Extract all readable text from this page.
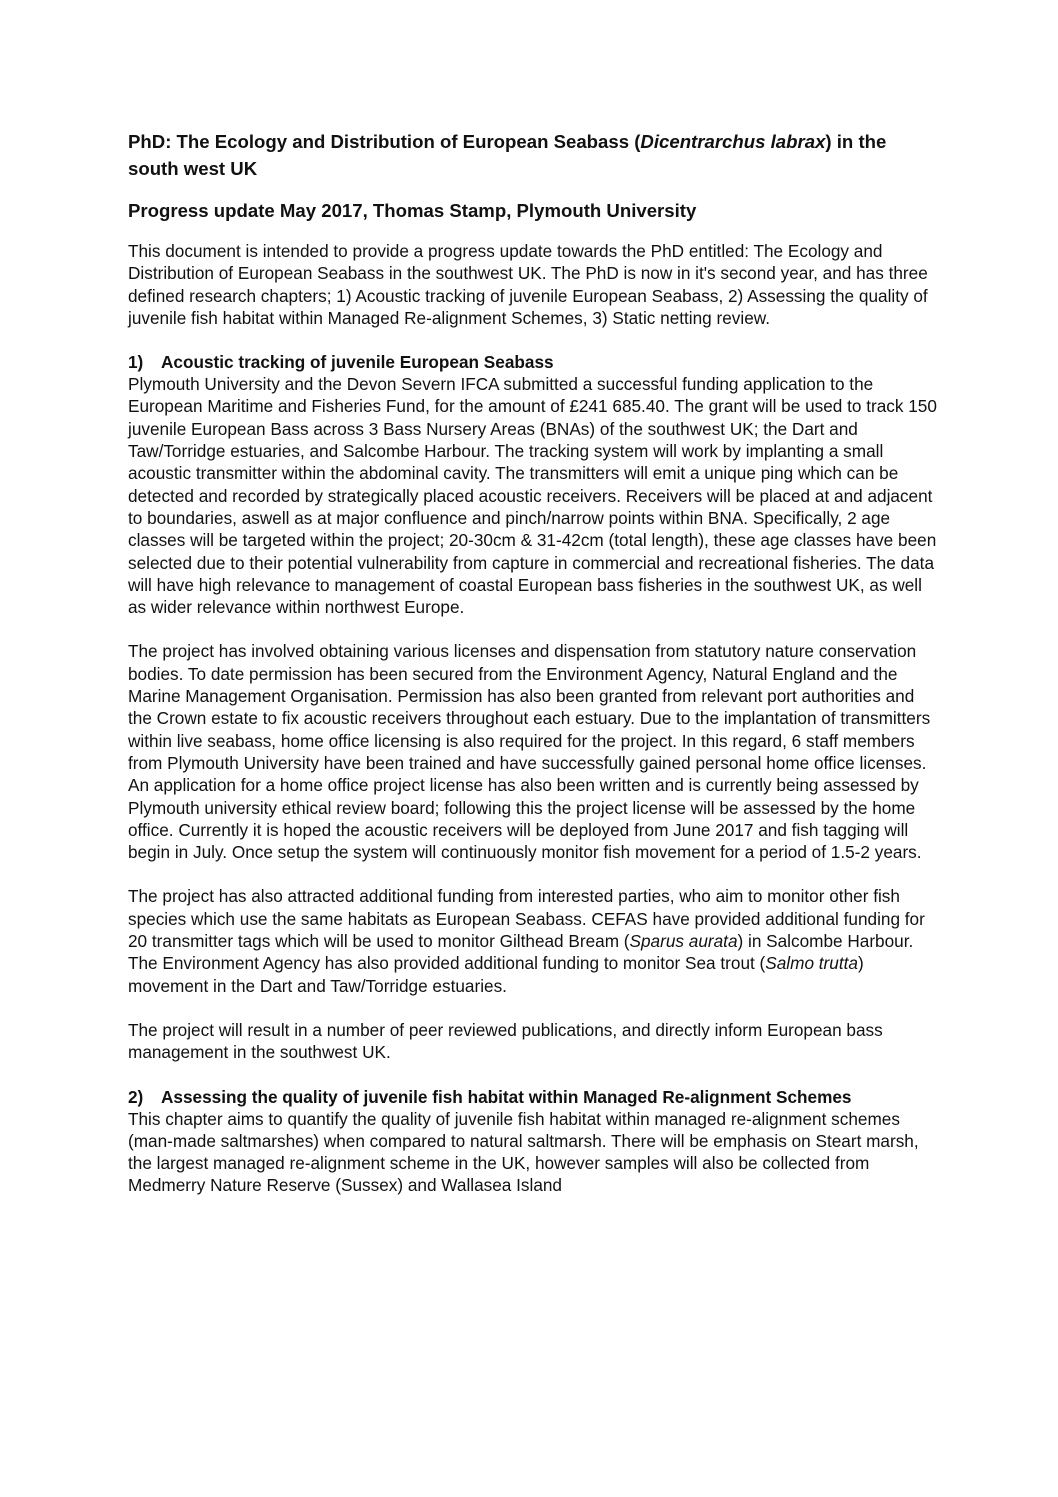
PhD: The Ecology and Distribution of European Seabass (Dicentrarchus labrax) in the south west UK
Progress update May 2017, Thomas Stamp, Plymouth University

This document is intended to provide a progress update towards the PhD entitled: The Ecology and Distribution of European Seabass in the southwest UK. The PhD is now in it's second year, and has three defined research chapters; 1) Acoustic tracking of juvenile European Seabass, 2) Assessing the quality of juvenile fish habitat within Managed Re-alignment Schemes, 3) Static netting review.

1)	Acoustic tracking of juvenile European Seabass

Plymouth University and the Devon Severn IFCA submitted a successful funding application to the European Maritime and Fisheries Fund, for the amount of £241 685.40. The grant will be used to track 150 juvenile European Bass across 3 Bass Nursery Areas (BNAs) of the southwest UK; the Dart and Taw/Torridge estuaries, and Salcombe Harbour. The tracking system will work by implanting a small acoustic transmitter within the abdominal cavity. The transmitters will emit a unique ping which can be detected and recorded by strategically placed acoustic receivers. Receivers will be placed at and adjacent to boundaries, aswell as at major confluence and pinch/narrow points within BNA. Specifically, 2 age classes will be targeted within the project; 20-30cm & 31-42cm (total length), these age classes have been selected due to their potential vulnerability from capture in commercial and recreational fisheries. The data will have high relevance to management of coastal European bass fisheries in the southwest UK, as well as wider relevance within northwest Europe.

The project has involved obtaining various licenses and dispensation from statutory nature conservation bodies. To date permission has been secured from the Environment Agency, Natural England and the Marine Management Organisation. Permission has also been granted from relevant port authorities and the Crown estate to fix acoustic receivers throughout each estuary. Due to the implantation of transmitters within live seabass, home office licensing is also required for the project. In this regard, 6 staff members from Plymouth University have been trained and have successfully gained personal home office licenses. An application for a home office project license has also been written and is currently being assessed by Plymouth university ethical review board; following this the project license will be assessed by the home office. Currently it is hoped the acoustic receivers will be deployed from June 2017 and fish tagging will begin in July. Once setup the system will continuously monitor fish movement for a period of 1.5-2 years.

The project has also attracted additional funding from interested parties, who aim to monitor other fish species which use the same habitats as European Seabass. CEFAS have provided additional funding for 20 transmitter tags which will be used to monitor Gilthead Bream (Sparus aurata) in Salcombe Harbour. The Environment Agency has also provided additional funding to monitor Sea trout (Salmo trutta) movement in the Dart and Taw/Torridge estuaries.

The project will result in a number of peer reviewed publications, and directly inform European bass management in the southwest UK.

2)	Assessing the quality of juvenile fish habitat within Managed Re-alignment Schemes

This chapter aims to quantify the quality of juvenile fish habitat within managed re-alignment schemes (man-made saltmarshes) when compared to natural saltmarsh. There will be emphasis on Steart marsh, the largest managed re-alignment scheme in the UK, however samples will also be collected from Medmerry Nature Reserve (Sussex) and Wallasea Island
